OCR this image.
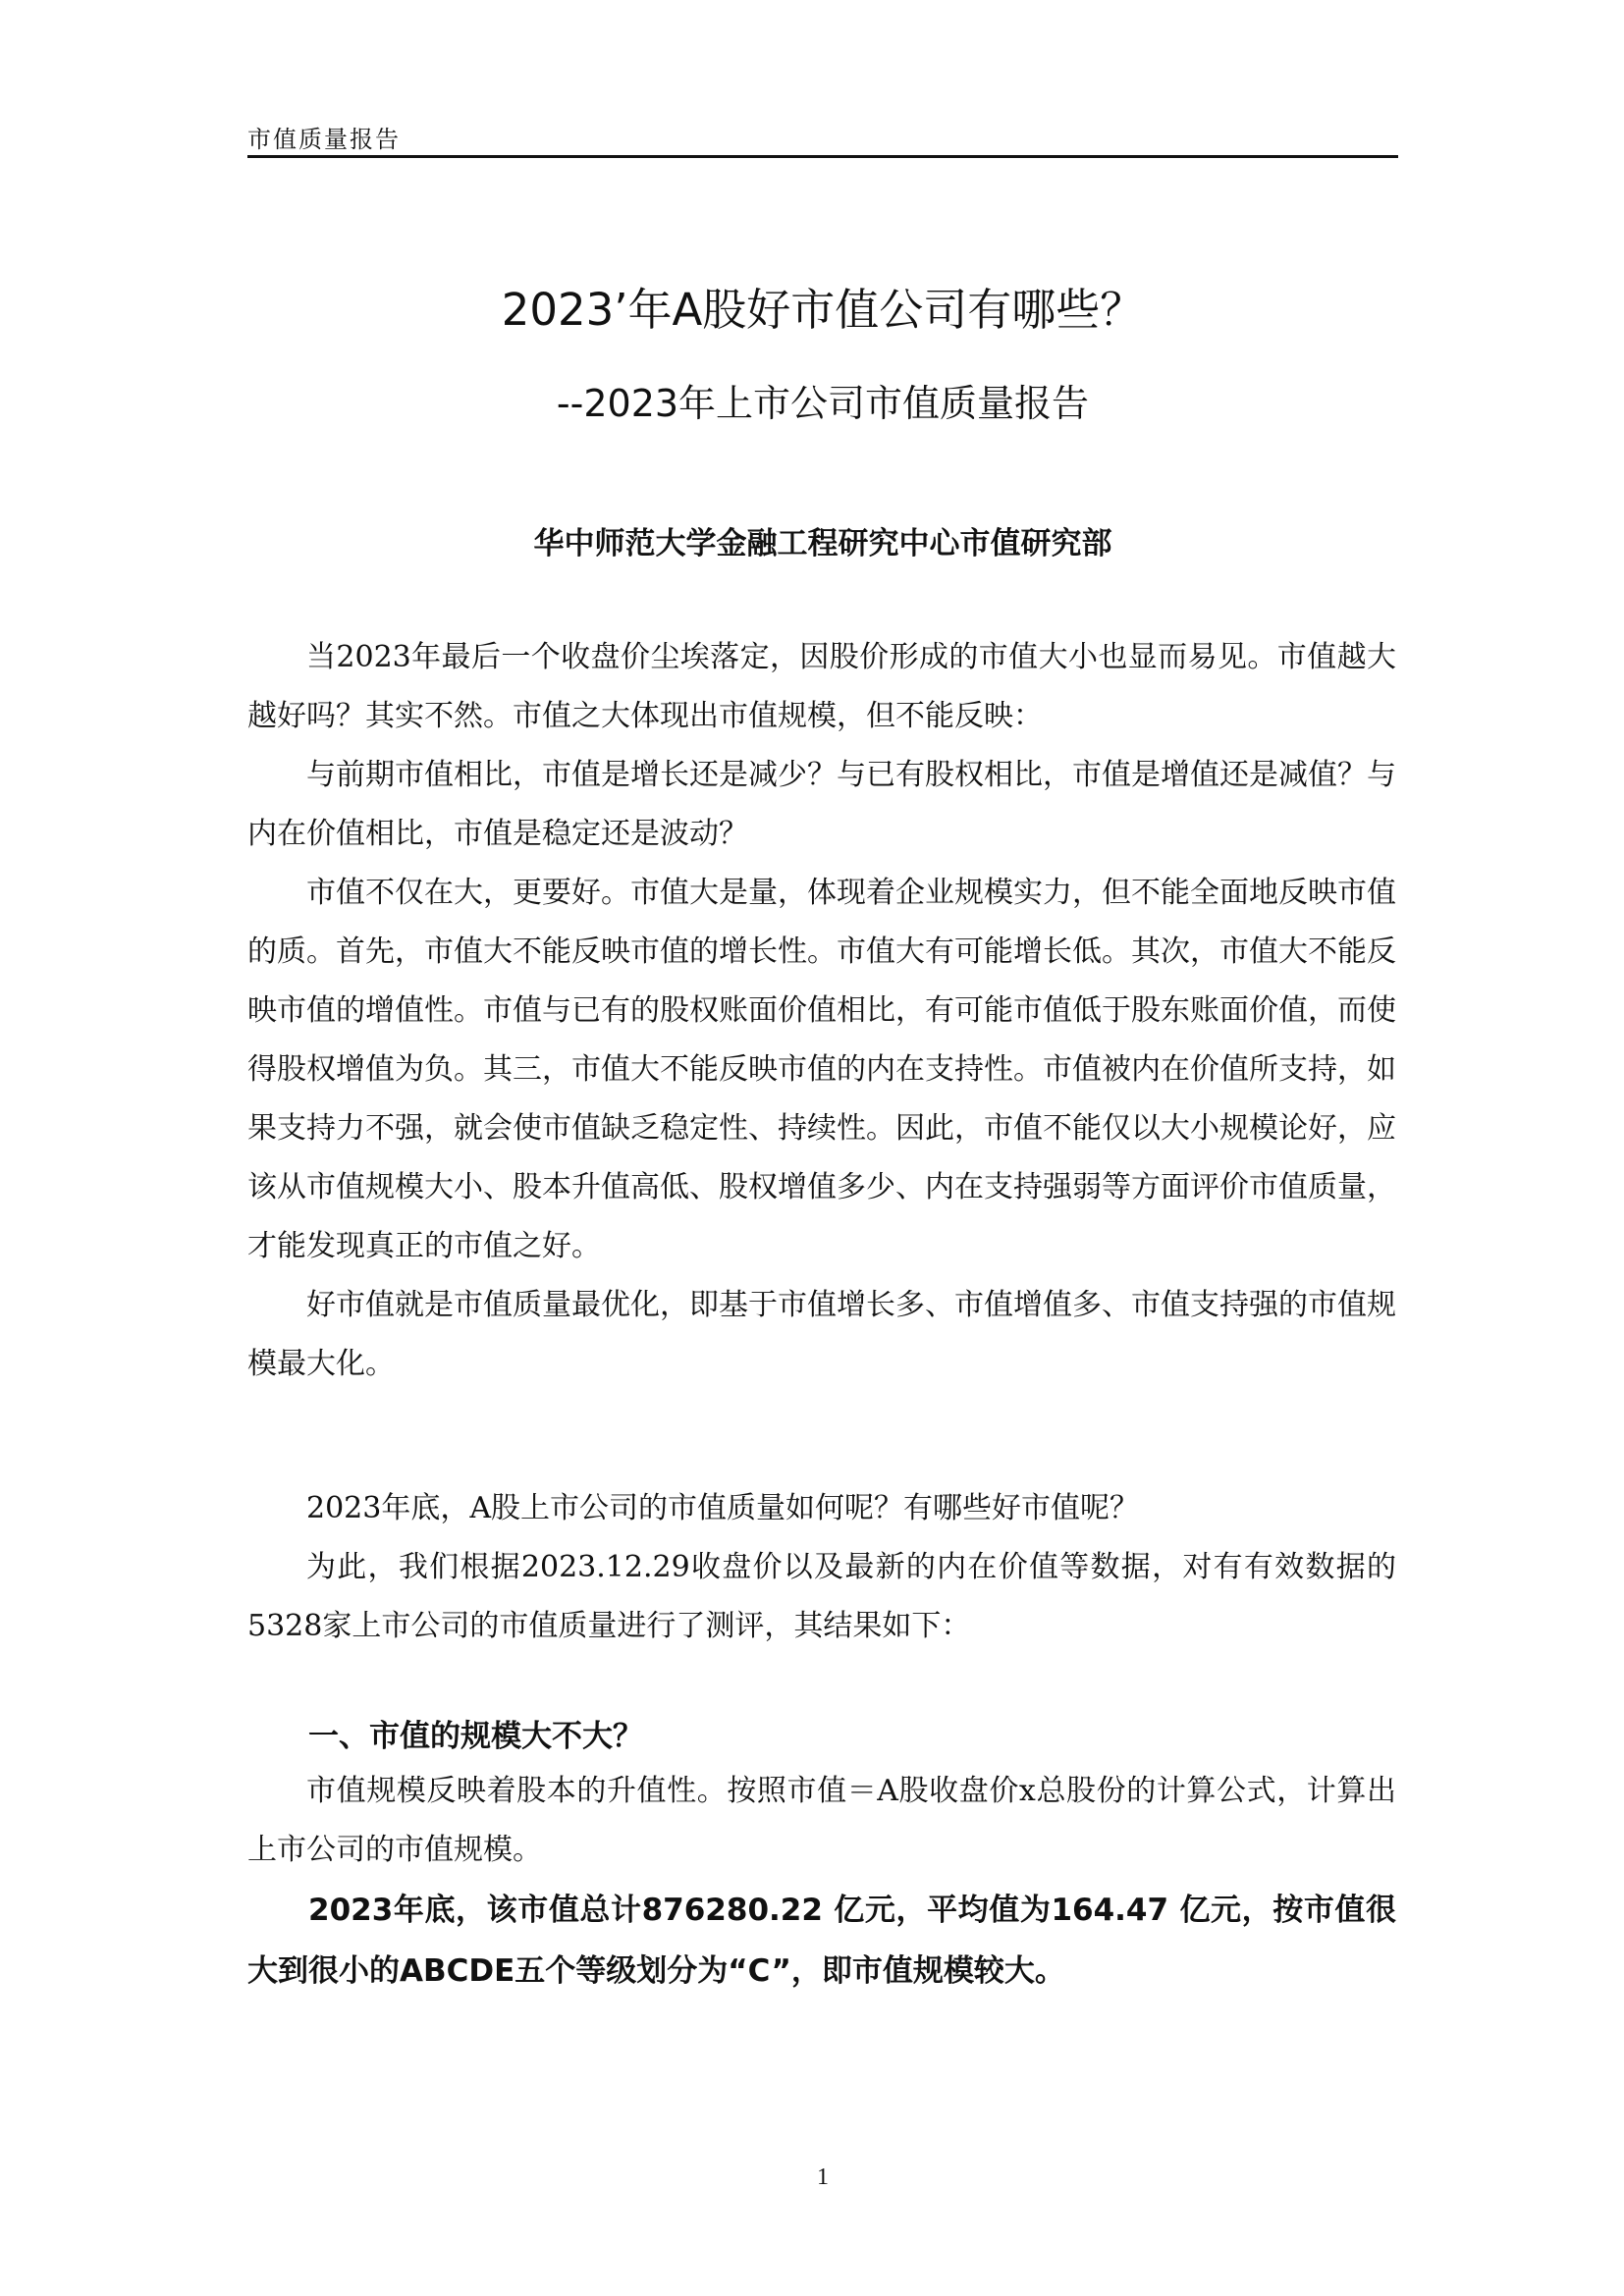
市值质量报告
2023’年A股好市值公司有哪些？
--2023年上市公司市值质量报告
华中师范大学金融工程研究中心市值研究部

当2023年最后一个收盘价尘埃落定，因股价形成的市值大小也显而易见。市值越大越好吗？其实不然。市值之大体现出市值规模，但不能反映：

与前期市值相比，市值是增长还是减少？与已有股权相比，市值是增值还是减值？与内在价值相比，市值是稳定还是波动？

市值不仅在大，更要好。市值大是量，体现着企业规模实力，但不能全面地反映市值的质。首先，市值大不能反映市值的增长性。市值大有可能增长低。其次，市值大不能反映市值的增值性。市值与已有的股权账面价值相比，有可能市值低于股东账面价值，而使得股权增值为负。其三，市值大不能反映市值的内在支持性。市值被内在价值所支持，如果支持力不强，就会使市值缺乏稳定性、持续性。因此，市值不能仅以大小规模论好，应该从市值规模大小、股本升值高低、股权增值多少、内在支持强弱等方面评价市值质量，才能发现真正的市值之好。

好市值就是市值质量最优化，即基于市值增长多、市值增值多、市值支持强的市值规模最大化。

2023年底，A股上市公司的市值质量如何呢？有哪些好市值呢？

为此，我们根据2023.12.29收盘价以及最新的内在价值等数据，对有有效数据的5328家上市公司的市值质量进行了测评，其结果如下：

一、市值的规模大不大？

市值规模反映着股本的升值性。按照市值＝A股收盘价x总股份的计算公式，计算出上市公司的市值规模。

2023年底，该市值总计876280.22 亿元，平均值为164.47 亿元，按市值很大到很小的ABCDE五个等级划分为“C”，即市值规模较大。

1
